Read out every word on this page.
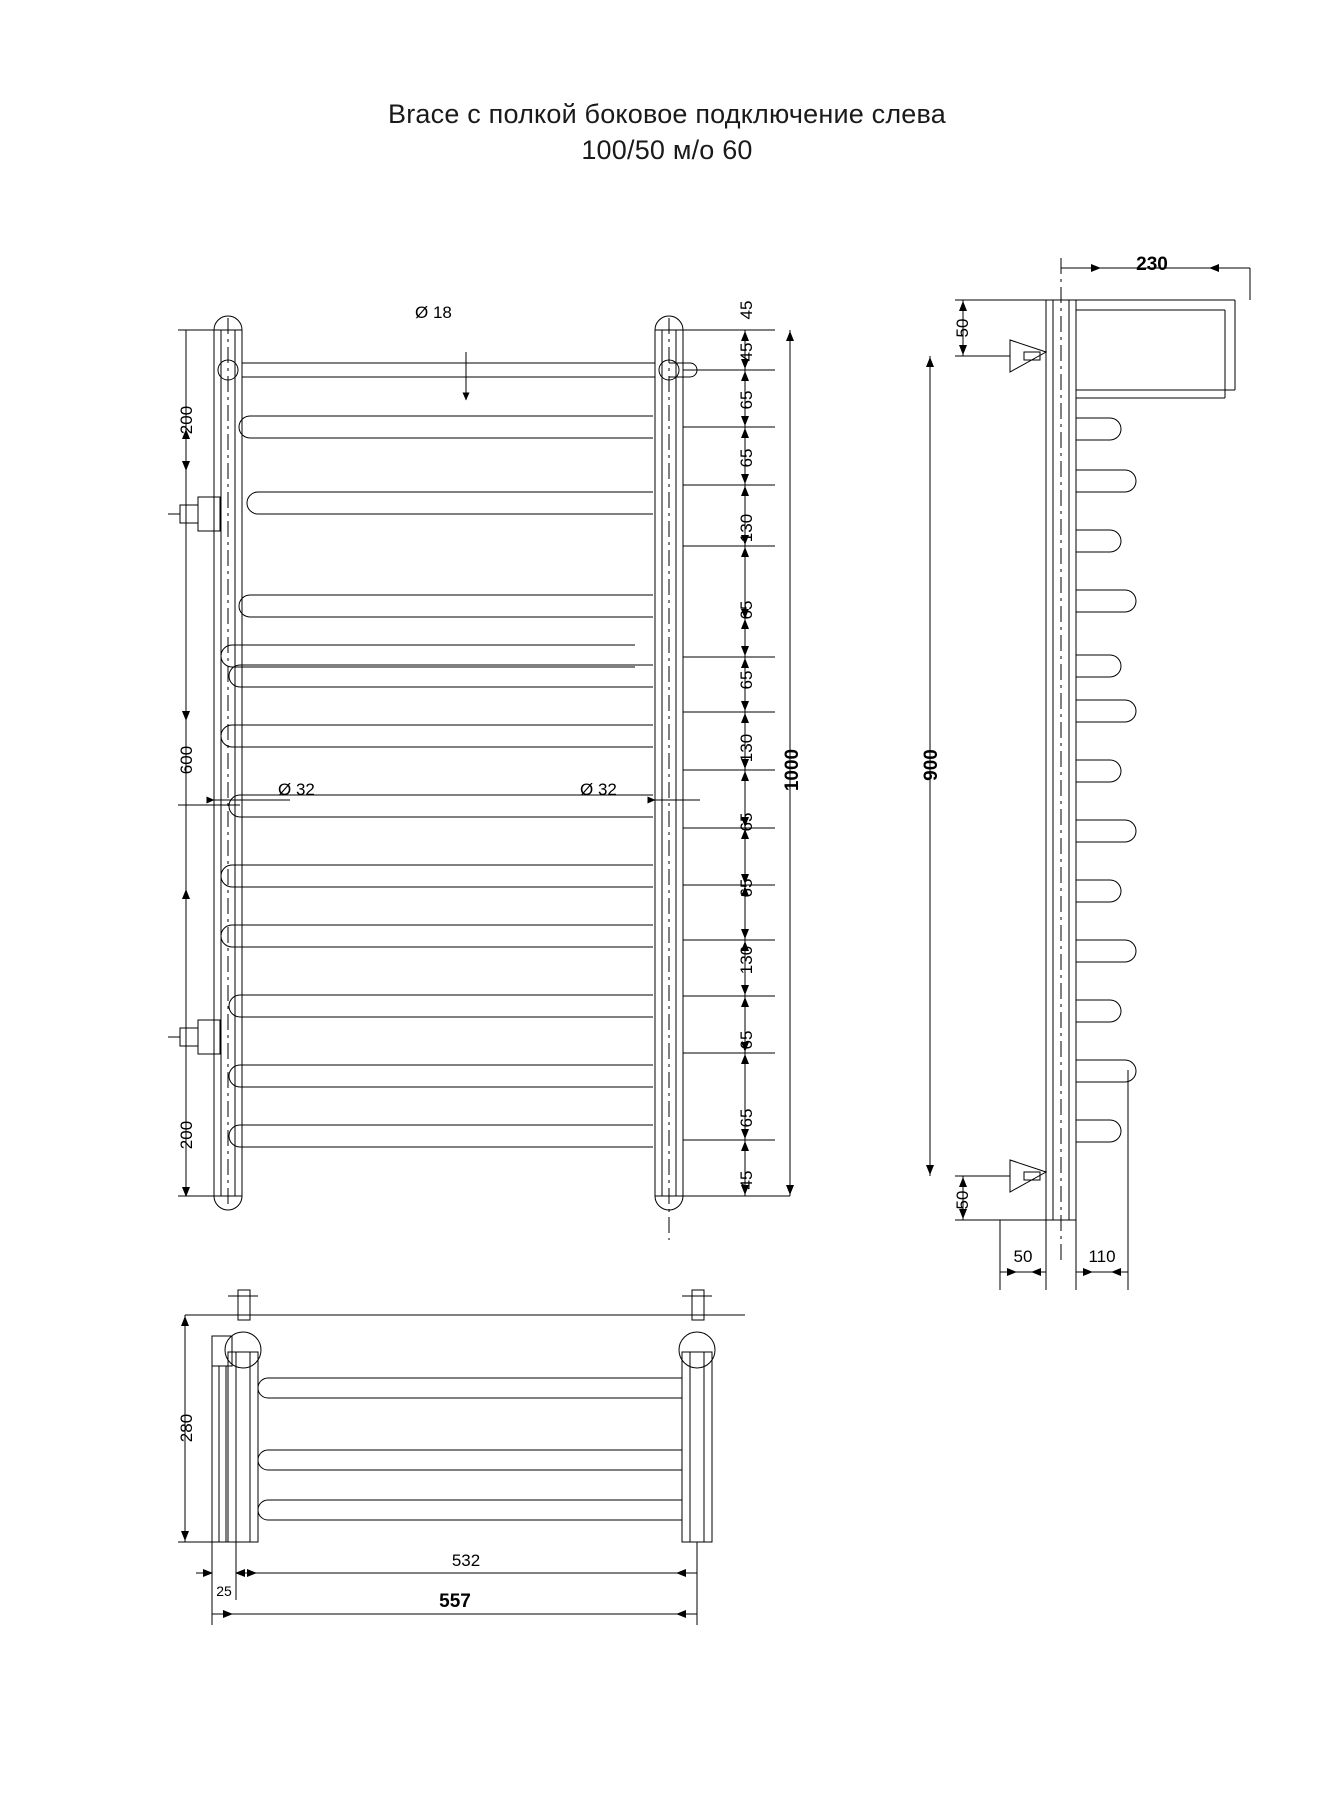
Brace с полкой боковое подключение слева
100/50 м/о 60
Ø 18
Ø 32	Ø 32
200
600
200
45
45
65
65
130
65
65
130
65
65
130
65
65
45
1000
230
50
50
900
50	110
280
25
532
557
